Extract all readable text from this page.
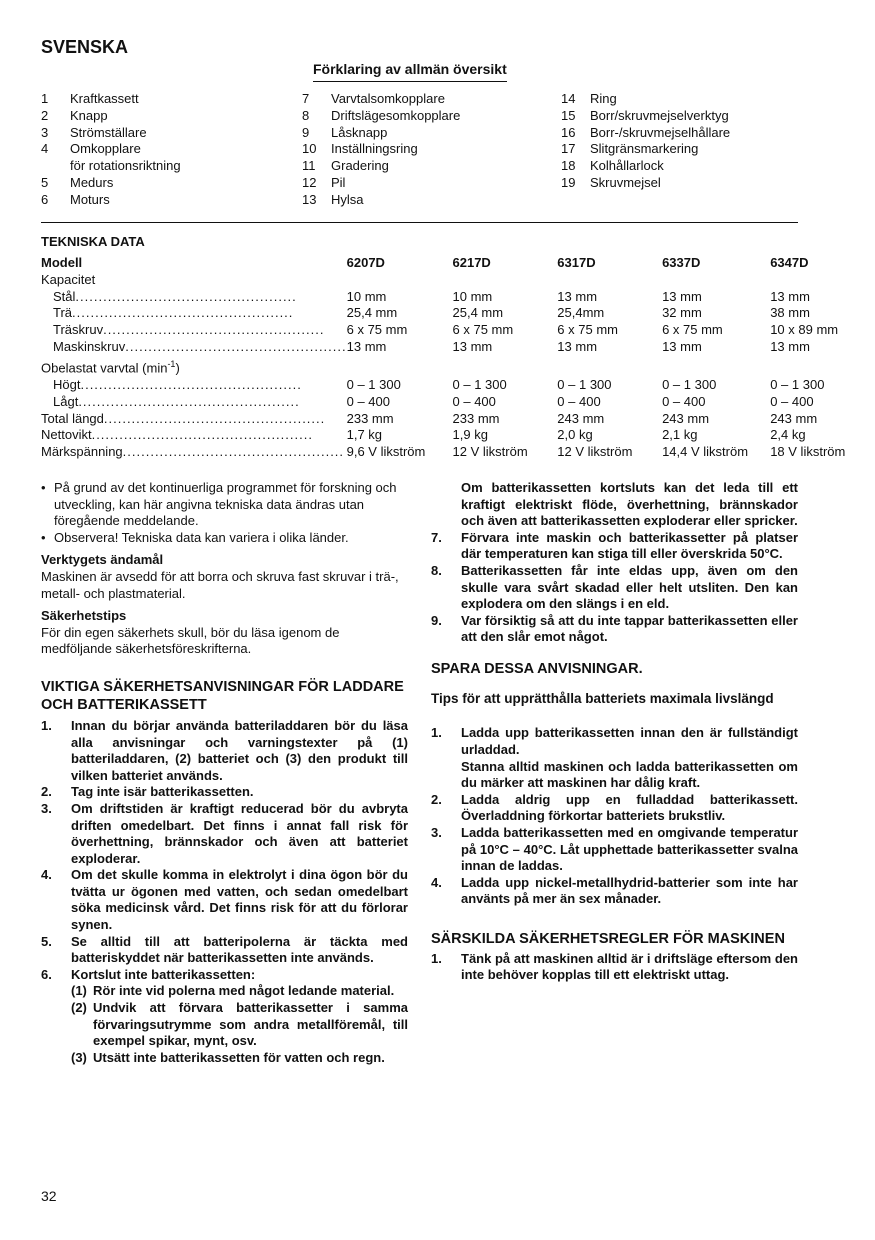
SVENSKA
Förklaring av allmän översikt
1	Kraftkassett
2	Knapp
3	Strömställare
4	Omkopplare
för rotationsriktning
5	Medurs
6	Moturs
7	Varvtalsomkopplare
8	Driftslägesomkopplare
9	Låsknapp
10	Inställningsring
11	Gradering
12	Pil
13	Hylsa
14	Ring
15	Borr/skruvmejselverktyg
16	Borr-/skruvmejselhållare
17	Slitgränsmarkering
18	Kolhållarlock
19	Skruvmejsel
TEKNISKA DATA
Modell	6207D	6217D	6317D	6337D	6347D
Kapacitet					

Stål ................................................	10 mm	10 mm	13 mm	13 mm	13 mm

Trä ................................................	25,4 mm	25,4 mm	25,4mm	32 mm	38 mm

Träskruv ................................................	6 x 75 mm	6 x 75 mm	6 x 75 mm	6 x 75 mm	10 x 89 mm

Maskinskruv ................................................	13 mm	13 mm	13 mm	13 mm	13 mm
Obelastat varvtal $(\min^{-1})$					

Högt ................................................	0 – 1 300	0 – 1 300	0 – 1 300	0 – 1 300	0 – 1 300

Lågt ................................................	0 – 400	0 – 400	0 – 400	0 – 400	0 – 400

Total längd ................................................	233 mm	233 mm	243 mm	243 mm	243 mm

Nettovikt ................................................	1,7 kg	1,9 kg	2,0 kg	2,1 kg	2,4 kg

Märkspänning ................................................	9,6 V likström	12 V likström	12 V likström	14,4 V likström	18 V likström
• På grund av det kontinuerliga programmet för forskning och utveckling, kan här angivna tekniska data ändras utan föregående meddelande.
• Observera! Tekniska data kan variera i olika länder.

Verktygets ändamål

Maskinen är avsedd för att borra och skruva fast skruvar i trä-, metall- och plastmaterial.

Säkerhetstips

För din egen säkerhets skull, bör du läsa igenom de medföljande säkerhetsföreskrifterna.

VIKTIGA SÄKERHETSANVISNINGAR FÖR LADDARE OCH BATTERIKASSETT
1.	Innan du börjar använda batteriladdaren bör du läsa alla anvisningar och varningstexter på (1) batteriladdaren, (2) batteriet och (3) den produkt till vilken batteriet används.
2.	Tag inte isär batterikassetten.
3.	Om driftstiden är kraftigt reducerad bör du avbryta driften omedelbart. Det finns i annat fall risk för överhettning, brännskador och även att batteriet exploderar.
4.	Om det skulle komma in elektrolyt i dina ögon bör du tvätta ur ögonen med vatten, och sedan omedelbart söka medicinsk vård. Det finns risk för att du förlorar synen.
5.	Se alltid till att batteripolerna är täckta med batteriskyddet när batterikassetten inte används.
6.	Kortslut inte batterikassetten:
(1) Rör inte vid polerna med något ledande material.
(2) Undvik att förvara batterikassetter i samma förvaringsutrymme som andra metallföremål, till exempel spikar, mynt, osv.
(3) Utsätt inte batterikassetten för vatten och regn.

Om batterikassetten kortsluts kan det leda till ett kraftigt elektriskt flöde, överhettning, brännskador och även att batterikassetten exploderar eller spricker.

7.	Förvara inte maskin och batterikassetter på platser där temperaturen kan stiga till eller överskrida 50°C.
8.	Batterikassetten får inte eldas upp, även om den skulle vara svårt skadad eller helt utsliten. Den kan explodera om den slängs i en eld.
9.	Var försiktig så att du inte tappar batterikassetten eller att den slår emot något.
SPARA DESSA ANVISNINGAR.
Tips för att upprätthålla batteriets maximala livslängd
1.	Ladda upp batterikassetten innan den är fullständigt urladdad.
Stanna alltid maskinen och ladda batterikassetten om du märker att maskinen har dålig kraft.
2.	Ladda aldrig upp en fulladdad batterikassett. Överladdning förkortar batteriets brukstliv.
3.	Ladda batterikassetten med en omgivande temperatur på 10°C – 40°C. Låt upphettade batterikassetter svalna innan de laddas.
4.	Ladda upp nickel-metallhydrid-batterier som inte har använts på mer än sex månader.
SÄRSKILDA SÄKERHETSREGLER FÖR MASKINEN
1.	Tänk på att maskinen alltid är i driftsläge eftersom den inte behöver kopplas till ett elektriskt uttag.
32
